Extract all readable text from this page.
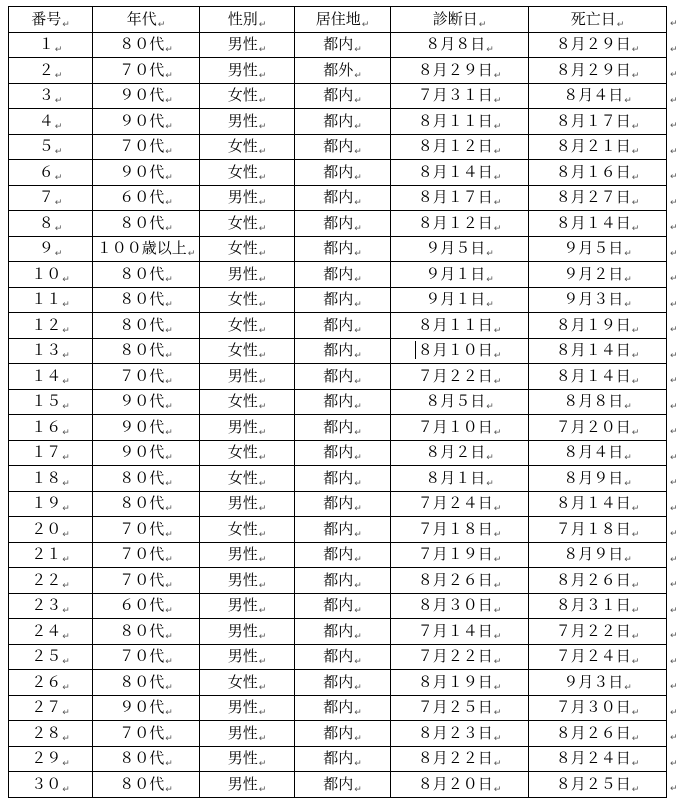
番号$_↵$	年代$_↵$	性別$_↵$	居住地$_↵$	診断日$_↵$	死亡日$_↵$
$1_↵$	８０代$_↵$	男性$_↵$	都内$_↵$	８月８日$_↵$	８月２９日$_↵$
$2_↵$	７０代$_↵$	男性$_↵$	都外$_↵$	８月２９日$_↵$	８月２９日$_↵$
$3_↵$	９０代$_↵$	女性$_↵$	都内$_↵$	７月３１日$_↵$	８月４日$_↵$
$4_↵$	９０代$_↵$	男性$_↵$	都内$_↵$	８月１１日$_↵$	８月１７日$_↵$
$5_↵$	７０代$_↵$	女性$_↵$	都内$_↵$	８月１２日$_↵$	８月２１日$_↵$
$6_↵$	９０代$_↵$	女性$_↵$	都内$_↵$	８月１４日$_↵$	８月１６日$_↵$
$7_↵$	６０代$_↵$	男性$_↵$	都内$_↵$	８月１７日$_↵$	８月２７日$_↵$
$8_↵$	８０代$_↵$	女性$_↵$	都内$_↵$	８月１２日$_↵$	８月１４日$_↵$
$9_↵$	１００歳以上$_↵$	女性$_↵$	都内$_↵$	９月５日$_↵$	９月５日$_↵$
$10_↵$	８０代$_↵$	男性$_↵$	都内$_↵$	９月１日$_↵$	９月２日$_↵$
$11_↵$	８０代$_↵$	女性$_↵$	都内$_↵$	９月１日$_↵$	９月３日$_↵$
$12_↵$	８０代$_↵$	女性$_↵$	都内$_↵$	８月１１日$_↵$	８月１９日$_↵$
$13_↵$	８０代$_↵$	女性$_↵$	都内$_↵$	８月１０日$_↵$	８月１４日$_↵$
$14_↵$	７０代$_↵$	男性$_↵$	都内$_↵$	７月２２日$_↵$	８月１４日$_↵$
$15_↵$	９０代$_↵$	女性$_↵$	都内$_↵$	８月５日$_↵$	８月８日$_↵$
$16_↵$	９０代$_↵$	男性$_↵$	都内$_↵$	７月１０日$_↵$	７月２０日$_↵$
$17_↵$	９０代$_↵$	女性$_↵$	都内$_↵$	８月２日$_↵$	８月４日$_↵$
$18_↵$	８０代$_↵$	女性$_↵$	都内$_↵$	８月１日$_↵$	８月９日$_↵$
$19_↵$	８０代$_↵$	男性$_↵$	都内$_↵$	７月２４日$_↵$	８月１４日$_↵$
$20_↵$	７０代$_↵$	女性$_↵$	都内$_↵$	７月１８日$_↵$	７月１８日$_↵$
$21_↵$	７０代$_↵$	男性$_↵$	都内$_↵$	７月１９日$_↵$	８月９日$_↵$
$22_↵$	７０代$_↵$	男性$_↵$	都内$_↵$	８月２６日$_↵$	８月２６日$_↵$
$23_↵$	６０代$_↵$	男性$_↵$	都内$_↵$	８月３０日$_↵$	８月３１日$_↵$
$24_↵$	８０代$_↵$	男性$_↵$	都内$_↵$	７月１４日$_↵$	７月２２日$_↵$
$25_↵$	７０代$_↵$	男性$_↵$	都内$_↵$	７月２２日$_↵$	７月２４日$_↵$
$26_↵$	８０代$_↵$	女性$_↵$	都内$_↵$	８月１９日$_↵$	９月３日$_↵$
$27_↵$	９０代$_↵$	男性$_↵$	都内$_↵$	７月２５日$_↵$	７月３０日$_↵$
$28_↵$	７０代$_↵$	男性$_↵$	都内$_↵$	８月２３日$_↵$	８月２６日$_↵$
$29_↵$	８０代$_↵$	男性$_↵$	都内$_↵$	８月２２日$_↵$	８月２４日$_↵$
$30_↵$	８０代$_↵$	男性$_↵$	都内$_↵$	８月２０日$_↵$	８月２５日$_↵$
↵
↵
↵
↵
↵
↵
↵
↵
↵
↵
↵
↵
↵
↵
↵
↵
↵
↵
↵
↵
↵
↵
↵
↵
↵
↵
↵
↵
↵
↵
↵
